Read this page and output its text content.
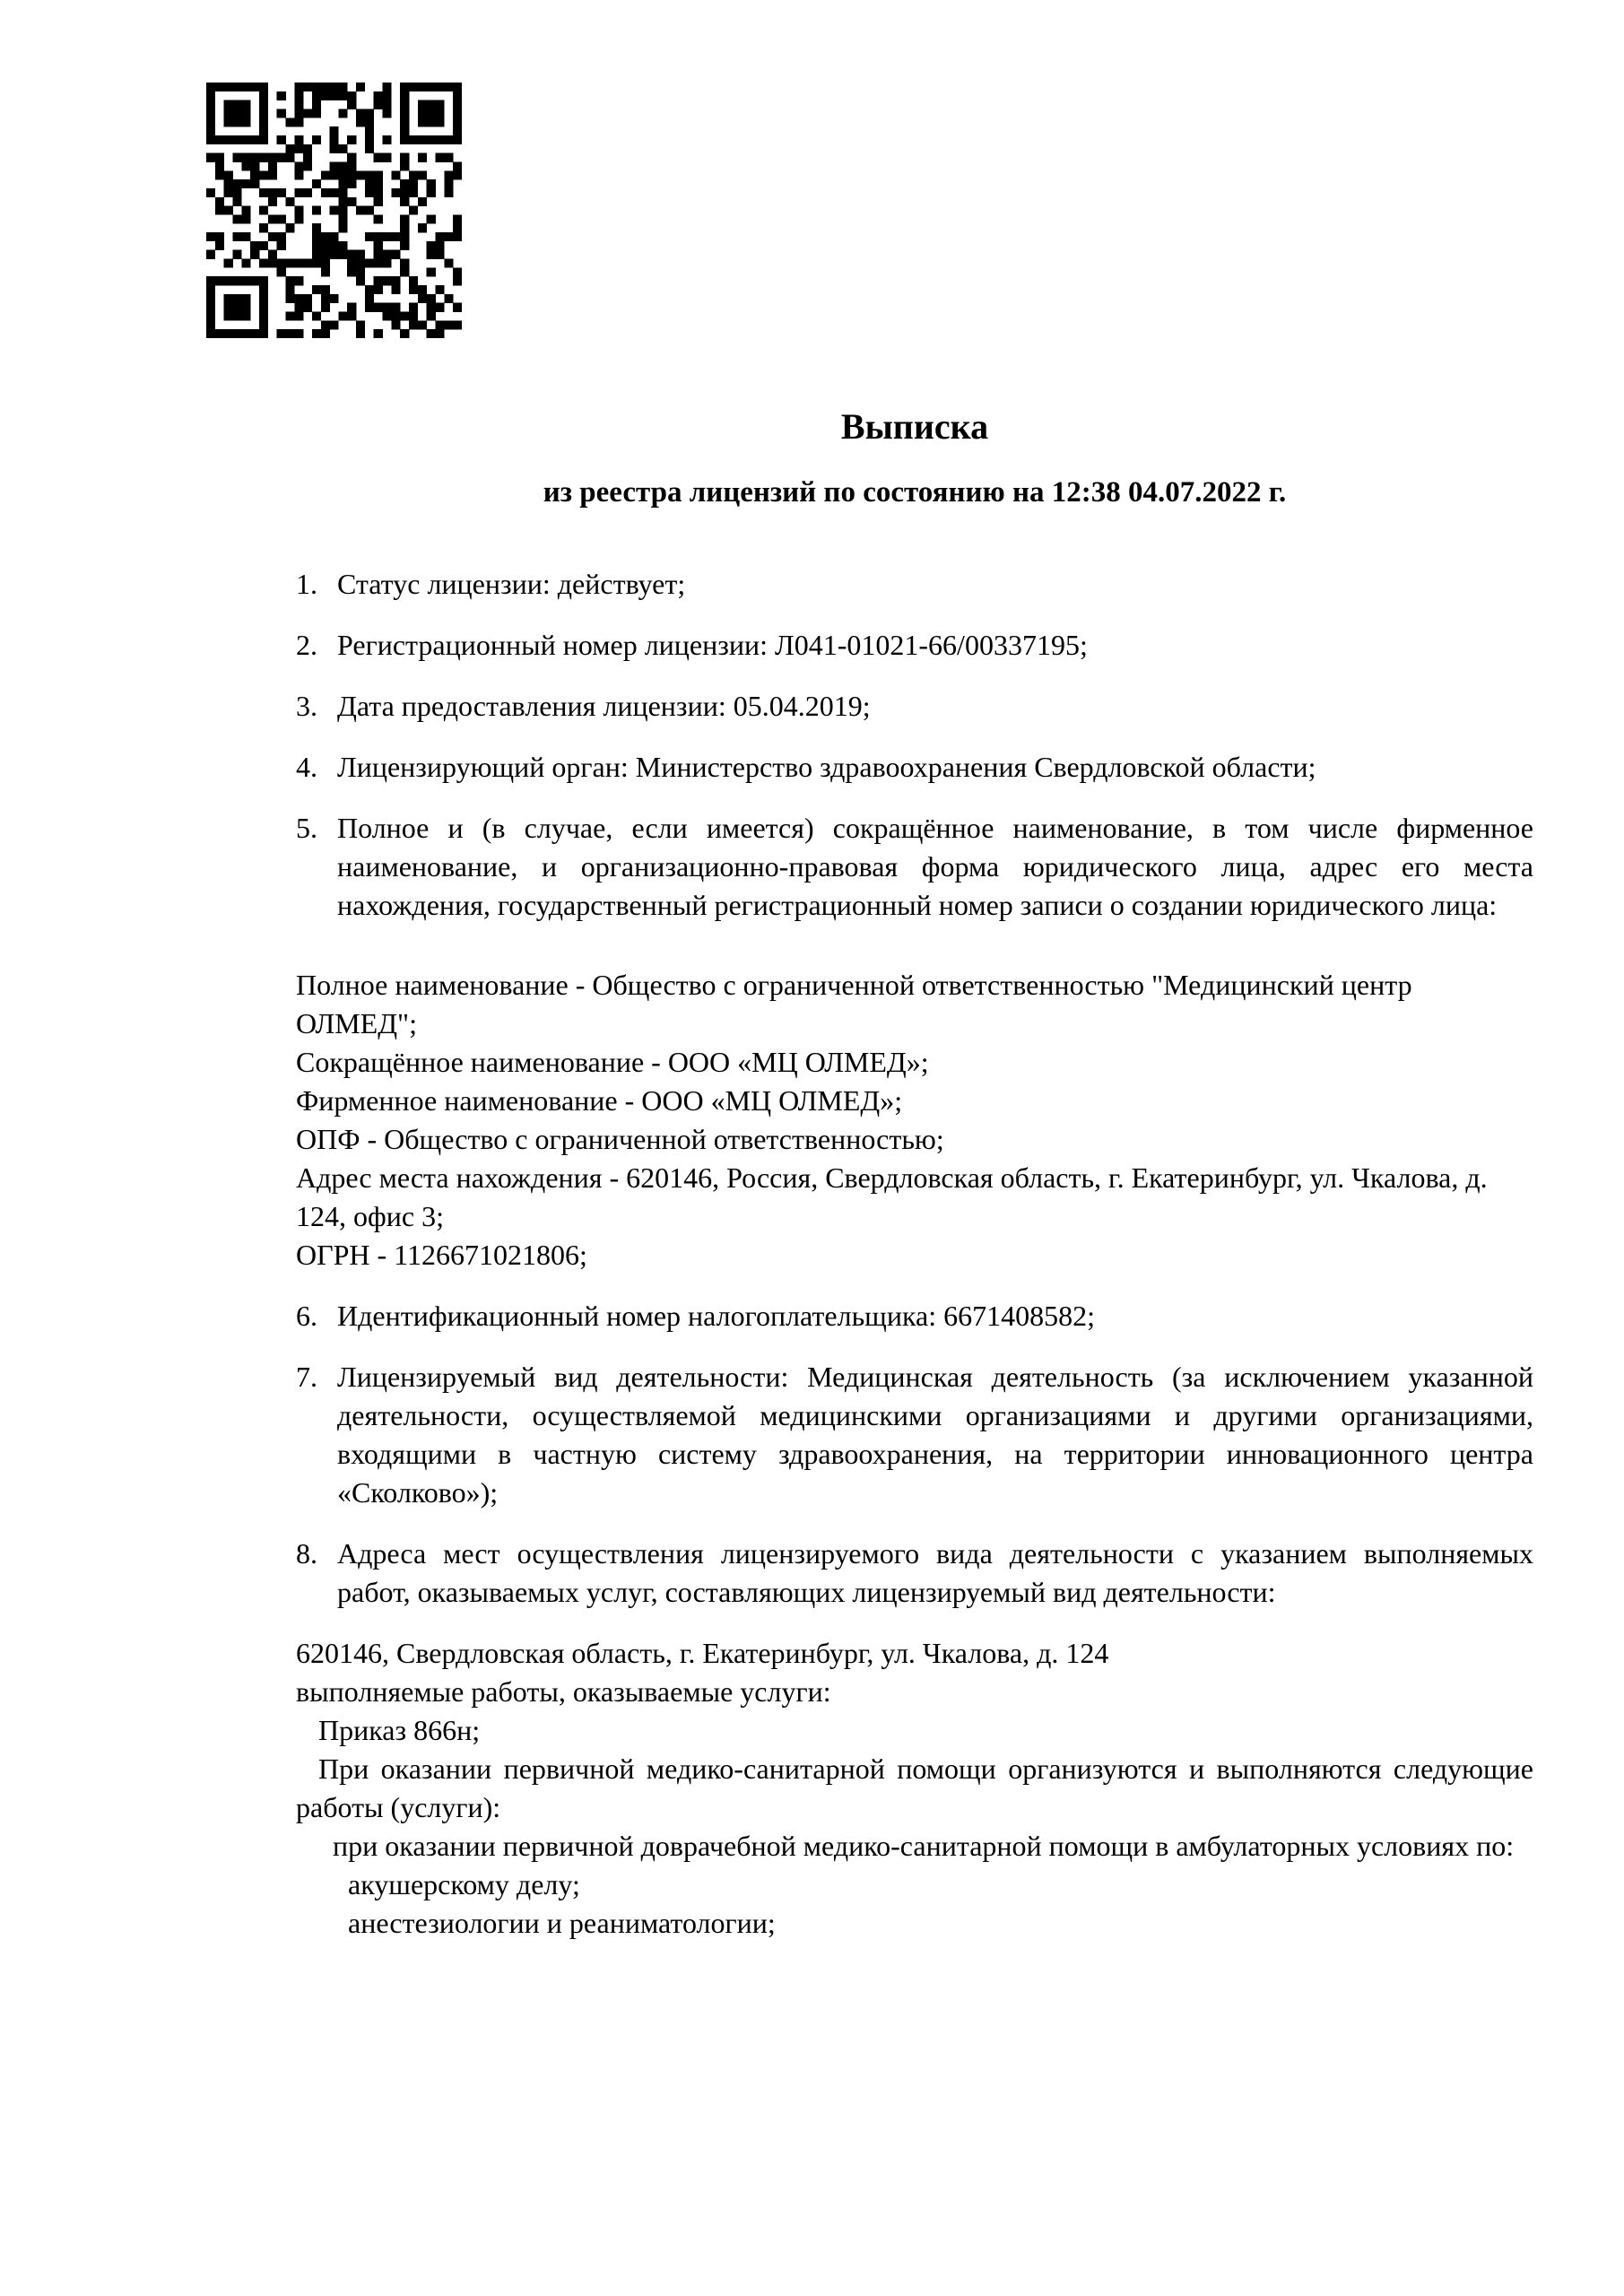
Выписка
из реестра лицензий по состоянию на 12:38 04.07.2022 г.

1. Статус лицензии: действует;

2. Регистрационный номер лицензии: Л041-01021-66/00337195;

3. Дата предоставления лицензии: 05.04.2019;

4. Лицензирующий орган: Министерство здравоохранения Свердловской области;

5. Полное и (в случае, если имеется) сокращённое наименование, в том числе фирменное наименование, и организационно-правовая форма юридического лица, адрес его места нахождения, государственный регистрационный номер записи о создании юридического лица:

Полное наименование - Общество с ограниченной ответственностью "Медицинский центр ОЛМЕД";

Сокращённое наименование - ООО «МЦ ОЛМЕД»;

Фирменное наименование - ООО «МЦ ОЛМЕД»;

ОПФ - Общество с ограниченной ответственностью;

Адрес места нахождения - 620146, Россия, Свердловская область, г. Екатеринбург, ул. Чкалова, д. 124, офис 3;

ОГРН - 1126671021806;

6. Идентификационный номер налогоплательщика: 6671408582;

7. Лицензируемый вид деятельности: Медицинская деятельность (за исключением указанной деятельности, осуществляемой медицинскими организациями и другими организациями, входящими в частную систему здравоохранения, на территории инновационного центра «Сколково»);

8. Адреса мест осуществления лицензируемого вида деятельности с указанием выполняемых работ, оказываемых услуг, составляющих лицензируемый вид деятельности:

620146, Свердловская область, г. Екатеринбург, ул. Чкалова, д. 124

выполняемые работы, оказываемые услуги:

Приказ 866н;

При оказании первичной медико-санитарной помощи организуются и выполняются следующие работы (услуги):

при оказании первичной доврачебной медико-санитарной помощи в амбулаторных условиях по:

акушерскому делу;

анестезиологии и реаниматологии;
